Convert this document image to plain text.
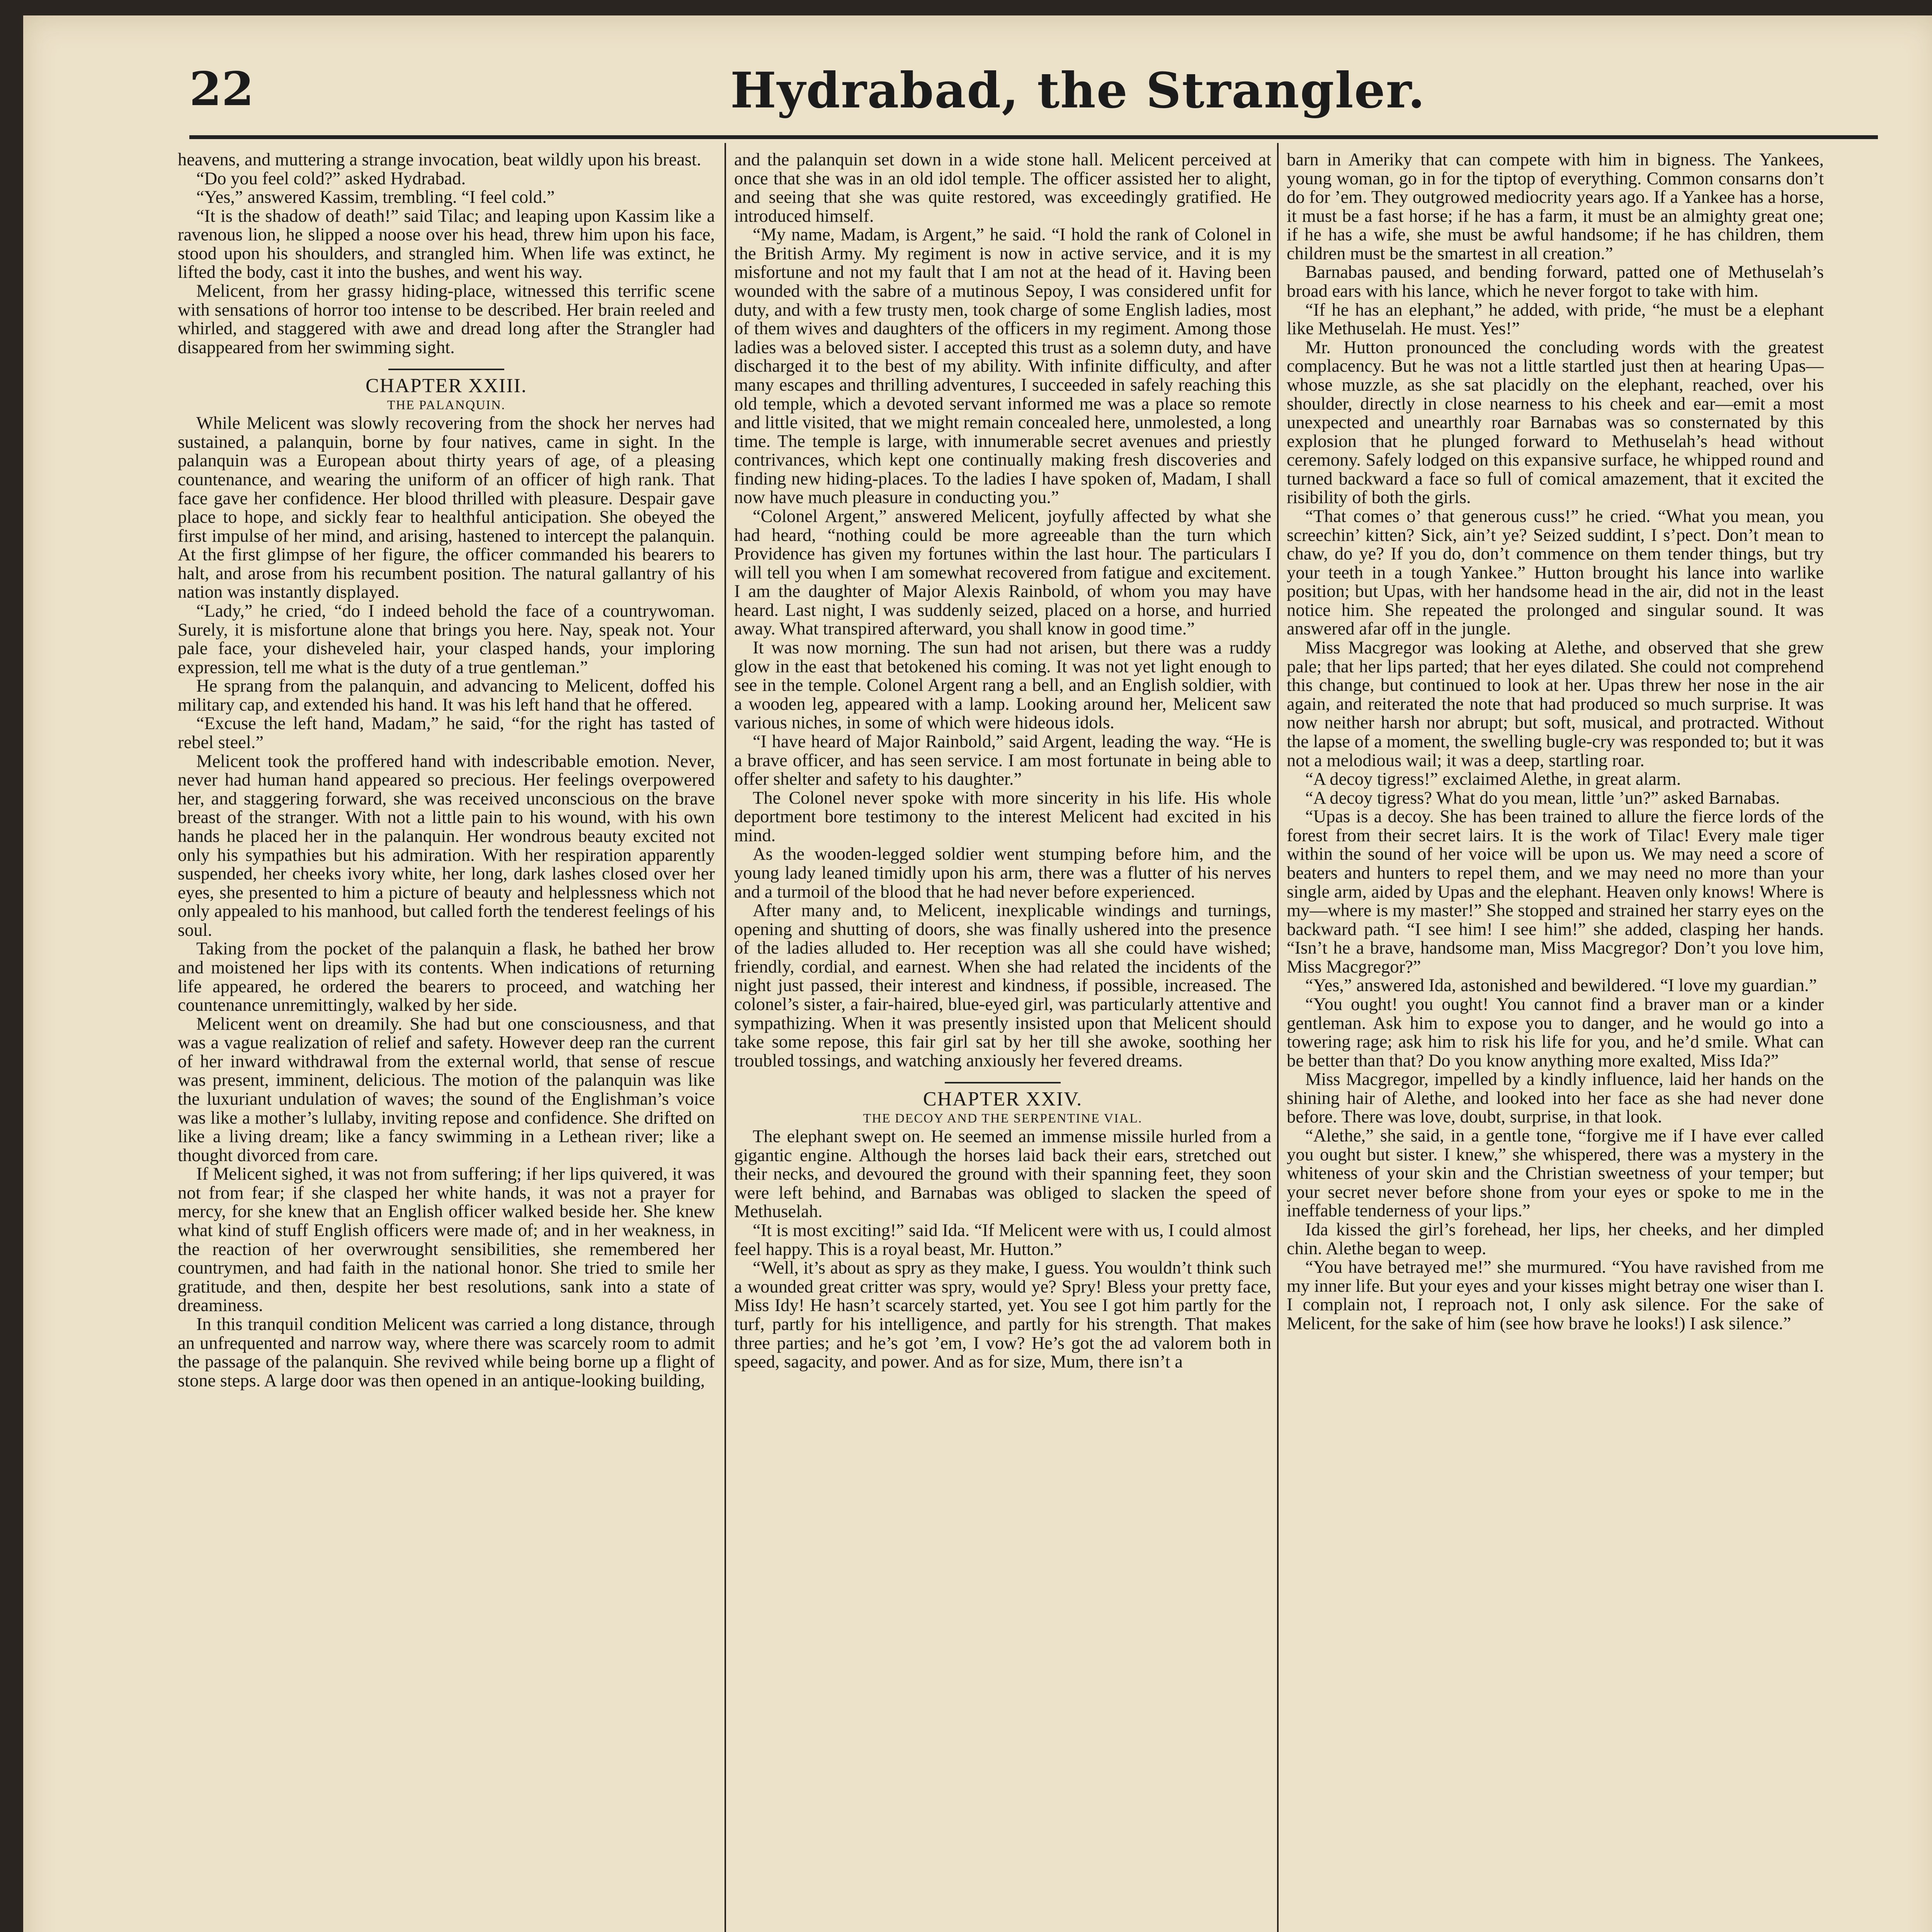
22	Hydrabad, the Strangler.

heavens, and muttering a strange invocation, beat wildly upon his breast.

“Do you feel cold?” asked Hydrabad.

“Yes,” answered Kassim, trembling. “I feel cold.”

“It is the shadow of death!” said Tilac; and leaping upon Kassim like a ravenous lion, he slipped a noose over his head, threw him upon his face, stood upon his shoulders, and strangled him. When life was extinct, he lifted the body, cast it into the bushes, and went his way.

Melicent, from her grassy hiding-place, witnessed this terrific scene with sensations of horror too intense to be described. Her brain reeled and whirled, and staggered with awe and dread long after the Strangler had disappeared from her swimming sight.

CHAPTER XXIII.
THE PALANQUIN.

While Melicent was slowly recovering from the shock her nerves had sustained, a palanquin, borne by four natives, came in sight. In the palanquin was a European about thirty years of age, of a pleasing countenance, and wearing the uniform of an officer of high rank. That face gave her confidence. Her blood thrilled with pleasure. Despair gave place to hope, and sickly fear to healthful anticipation. She obeyed the first impulse of her mind, and arising, hastened to intercept the palanquin. At the first glimpse of her figure, the officer commanded his bearers to halt, and arose from his recumbent position. The natural gallantry of his nation was instantly displayed.

“Lady,” he cried, “do I indeed behold the face of a countrywoman. Surely, it is misfortune alone that brings you here. Nay, speak not. Your pale face, your disheveled hair, your clasped hands, your imploring expression, tell me what is the duty of a true gentleman.”

He sprang from the palanquin, and advancing to Melicent, doffed his military cap, and extended his hand. It was his left hand that he offered.

“Excuse the left hand, Madam,” he said, “for the right has tasted of rebel steel.”

Melicent took the proffered hand with indescribable emotion. Never, never had human hand appeared so precious. Her feelings overpowered her, and staggering forward, she was received unconscious on the brave breast of the stranger. With not a little pain to his wound, with his own hands he placed her in the palanquin. Her wondrous beauty excited not only his sympathies but his admiration. With her respiration apparently suspended, her cheeks ivory white, her long, dark lashes closed over her eyes, she presented to him a picture of beauty and helplessness which not only appealed to his manhood, but called forth the tenderest feelings of his soul.

Taking from the pocket of the palanquin a flask, he bathed her brow and moistened her lips with its contents. When indications of returning life appeared, he ordered the bearers to proceed, and watching her countenance unremittingly, walked by her side.

Melicent went on dreamily. She had but one consciousness, and that was a vague realization of relief and safety. However deep ran the current of her inward withdrawal from the external world, that sense of rescue was present, imminent, delicious. The motion of the palanquin was like the luxuriant undulation of waves; the sound of the Englishman’s voice was like a mother’s lullaby, inviting repose and confidence. She drifted on like a living dream; like a fancy swimming in a Lethean river; like a thought divorced from care.

If Melicent sighed, it was not from suffering; if her lips quivered, it was not from fear; if she clasped her white hands, it was not a prayer for mercy, for she knew that an English officer walked beside her. She knew what kind of stuff English officers were made of; and in her weakness, in the reaction of her overwrought sensibilities, she remembered her countrymen, and had faith in the national honor. She tried to smile her gratitude, and then, despite her best resolutions, sank into a state of dreaminess.

In this tranquil condition Melicent was carried a long distance, through an unfrequented and narrow way, where there was scarcely room to admit the passage of the palanquin. She revived while being borne up a flight of stone steps. A large door was then opened in an antique-looking building,

and the palanquin set down in a wide stone hall. Melicent perceived at once that she was in an old idol temple. The officer assisted her to alight, and seeing that she was quite restored, was exceedingly gratified. He introduced himself.

“My name, Madam, is Argent,” he said. “I hold the rank of Colonel in the British Army. My regiment is now in active service, and it is my misfortune and not my fault that I am not at the head of it. Having been wounded with the sabre of a mutinous Sepoy, I was considered unfit for duty, and with a few trusty men, took charge of some English ladies, most of them wives and daughters of the officers in my regiment. Among those ladies was a beloved sister. I accepted this trust as a solemn duty, and have discharged it to the best of my ability. With infinite difficulty, and after many escapes and thrilling adventures, I succeeded in safely reaching this old temple, which a devoted servant informed me was a place so remote and little visited, that we might remain concealed here, unmolested, a long time. The temple is large, with innumerable secret avenues and priestly contrivances, which kept one continually making fresh discoveries and finding new hiding-places. To the ladies I have spoken of, Madam, I shall now have much pleasure in conducting you.”

“Colonel Argent,” answered Melicent, joyfully affected by what she had heard, “nothing could be more agreeable than the turn which Providence has given my fortunes within the last hour. The particulars I will tell you when I am somewhat recovered from fatigue and excitement. I am the daughter of Major Alexis Rainbold, of whom you may have heard. Last night, I was suddenly seized, placed on a horse, and hurried away. What transpired afterward, you shall know in good time.”

It was now morning. The sun had not arisen, but there was a ruddy glow in the east that betokened his coming. It was not yet light enough to see in the temple. Colonel Argent rang a bell, and an English soldier, with a wooden leg, appeared with a lamp. Looking around her, Melicent saw various niches, in some of which were hideous idols.

“I have heard of Major Rainbold,” said Argent, leading the way. “He is a brave officer, and has seen service. I am most fortunate in being able to offer shelter and safety to his daughter.”

The Colonel never spoke with more sincerity in his life. His whole deportment bore testimony to the interest Melicent had excited in his mind.

As the wooden-legged soldier went stumping before him, and the young lady leaned timidly upon his arm, there was a flutter of his nerves and a turmoil of the blood that he had never before experienced.

After many and, to Melicent, inexplicable windings and turnings, opening and shutting of doors, she was finally ushered into the presence of the ladies alluded to. Her reception was all she could have wished; friendly, cordial, and earnest. When she had related the incidents of the night just passed, their interest and kindness, if possible, increased. The colonel’s sister, a fair-haired, blue-eyed girl, was particularly attentive and sympathizing. When it was presently insisted upon that Melicent should take some repose, this fair girl sat by her till she awoke, soothing her troubled tossings, and watching anxiously her fevered dreams.

CHAPTER XXIV.
THE DECOY AND THE SERPENTINE VIAL.

The elephant swept on. He seemed an immense missile hurled from a gigantic engine. Although the horses laid back their ears, stretched out their necks, and devoured the ground with their spanning feet, they soon were left behind, and Barnabas was obliged to slacken the speed of Methuselah.

“It is most exciting!” said Ida. “If Melicent were with us, I could almost feel happy. This is a royal beast, Mr. Hutton.”

“Well, it’s about as spry as they make, I guess. You wouldn’t think such a wounded great critter was spry, would ye? Spry! Bless your pretty face, Miss Idy! He hasn’t scarcely started, yet. You see I got him partly for the turf, partly for his intelligence, and partly for his strength. That makes three parties; and he’s got ’em, I vow? He’s got the ad valorem both in speed, sagacity, and power. And as for size, Mum, there isn’t a

barn in Ameriky that can compete with him in bigness. The Yankees, young woman, go in for the tiptop of everything. Common consarns don’t do for ’em. They outgrowed mediocrity years ago. If a Yankee has a horse, it must be a fast horse; if he has a farm, it must be an almighty great one; if he has a wife, she must be awful handsome; if he has children, them children must be the smartest in all creation.”

Barnabas paused, and bending forward, patted one of Methuselah’s broad ears with his lance, which he never forgot to take with him.

“If he has an elephant,” he added, with pride, “he must be a elephant like Methuselah. He must. Yes!”

Mr. Hutton pronounced the concluding words with the greatest complacency. But he was not a little startled just then at hearing Upas—whose muzzle, as she sat placidly on the elephant, reached, over his shoulder, directly in close nearness to his cheek and ear—emit a most unexpected and unearthly roar Barnabas was so consternated by this explosion that he plunged forward to Methuselah’s head without ceremony. Safely lodged on this expansive surface, he whipped round and turned backward a face so full of comical amazement, that it excited the risibility of both the girls.

“That comes o’ that generous cuss!” he cried. “What you mean, you screechin’ kitten? Sick, ain’t ye? Seized suddint, I s’pect. Don’t mean to chaw, do ye? If you do, don’t commence on them tender things, but try your teeth in a tough Yankee.” Hutton brought his lance into warlike position; but Upas, with her handsome head in the air, did not in the least notice him. She repeated the prolonged and singular sound. It was answered afar off in the jungle.

Miss Macgregor was looking at Alethe, and observed that she grew pale; that her lips parted; that her eyes dilated. She could not comprehend this change, but continued to look at her. Upas threw her nose in the air again, and reiterated the note that had produced so much surprise. It was now neither harsh nor abrupt; but soft, musical, and protracted. Without the lapse of a moment, the swelling bugle-cry was responded to; but it was not a melodious wail; it was a deep, startling roar.

“A decoy tigress!” exclaimed Alethe, in great alarm.

“A decoy tigress? What do you mean, little ’un?” asked Barnabas.

“Upas is a decoy. She has been trained to allure the fierce lords of the forest from their secret lairs. It is the work of Tilac! Every male tiger within the sound of her voice will be upon us. We may need a score of beaters and hunters to repel them, and we may need no more than your single arm, aided by Upas and the elephant. Heaven only knows! Where is my—where is my master!” She stopped and strained her starry eyes on the backward path. “I see him! I see him!” she added, clasping her hands. “Isn’t he a brave, handsome man, Miss Macgregor? Don’t you love him, Miss Macgregor?”

“Yes,” answered Ida, astonished and bewildered. “I love my guardian.”

“You ought! you ought! You cannot find a braver man or a kinder gentleman. Ask him to expose you to danger, and he would go into a towering rage; ask him to risk his life for you, and he’d smile. What can be better than that? Do you know anything more exalted, Miss Ida?”

Miss Macgregor, impelled by a kindly influence, laid her hands on the shining hair of Alethe, and looked into her face as she had never done before. There was love, doubt, surprise, in that look.

“Alethe,” she said, in a gentle tone, “forgive me if I have ever called you ought but sister. I knew,” she whispered, there was a mystery in the whiteness of your skin and the Christian sweetness of your temper; but your secret never before shone from your eyes or spoke to me in the ineffable tenderness of your lips.”

Ida kissed the girl’s forehead, her lips, her cheeks, and her dimpled chin. Alethe began to weep.

“You have betrayed me!” she murmured. “You have ravished from me my inner life. But your eyes and your kisses might betray one wiser than I. I complain not, I reproach not, I only ask silence. For the sake of Melicent, for the sake of him (see how brave he looks!) I ask silence.”
